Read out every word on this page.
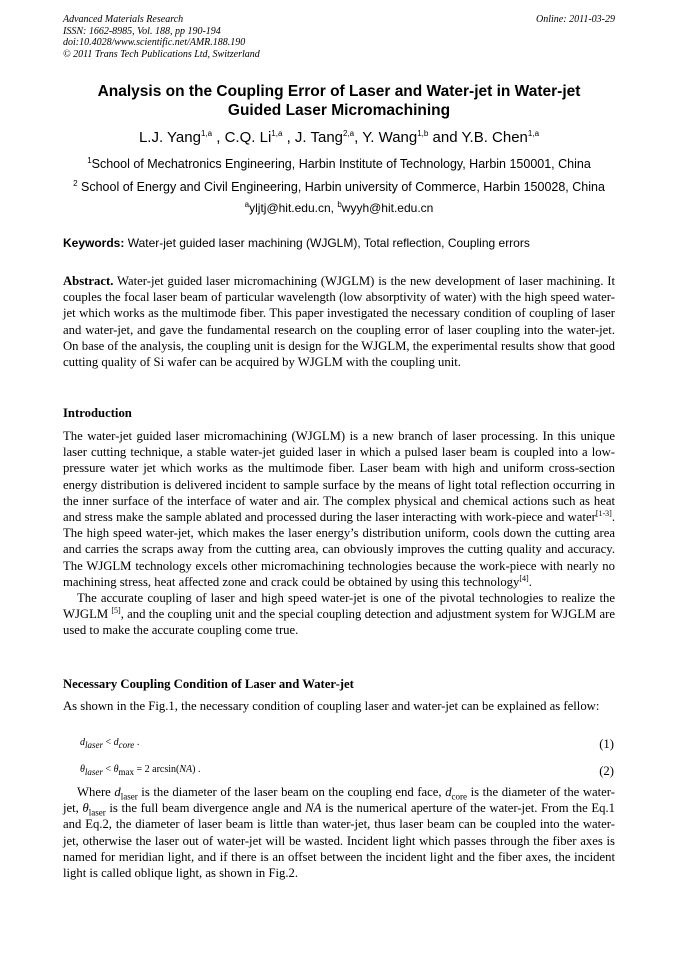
Advanced Materials Research
ISSN: 1662-8985, Vol. 188, pp 190-194
doi:10.4028/www.scientific.net/AMR.188.190
© 2011 Trans Tech Publications Ltd, Switzerland
Online: 2011-03-29
Analysis on the Coupling Error of Laser and Water-jet in Water-jet
Guided Laser Micromachining
L.J. Yang$^{1,a}$ , C.Q. Li$^{1,a}$ , J. Tang$^{2,a}$, Y. Wang$^{1,b}$ and Y.B. Chen$^{1,a}$
$^1$School of Mechatronics Engineering, Harbin Institute of Technology, Harbin 150001, China
$^2$ School of Energy and Civil Engineering, Harbin university of Commerce, Harbin 150028, China
$^a$yljtj@hit.edu.cn, $^b$wyyh@hit.edu.cn
Keywords: Water-jet guided laser machining (WJGLM), Total reflection, Coupling errors
Abstract. Water-jet guided laser micromachining (WJGLM) is the new development of laser machining. It couples the focal laser beam of particular wavelength (low absorptivity of water) with the high speed water-jet which works as the multimode fiber. This paper investigated the necessary condition of coupling of laser and water-jet, and gave the fundamental research on the coupling error of laser coupling into the water-jet. On base of the analysis, the coupling unit is design for the WJGLM, the experimental results show that good cutting quality of Si wafer can be acquired by WJGLM with the coupling unit.
Introduction

The water-jet guided laser micromachining (WJGLM) is a new branch of laser processing. In this unique laser cutting technique, a stable water-jet guided laser in which a pulsed laser beam is coupled into a low-pressure water jet which works as the multimode fiber. Laser beam with high and uniform cross-section energy distribution is delivered incident to sample surface by the means of light total reflection occurring in the inner surface of the interface of water and air. The complex physical and chemical actions such as heat and stress make the sample ablated and processed during the laser interacting with work-piece and water[1-3]. The high speed water-jet, which makes the laser energy’s distribution uniform, cools down the cutting area and carries the scraps away from the cutting area, can obviously improves the cutting quality and accuracy. The WJGLM technology excels other micromachining technologies because the work-piece with nearly no machining stress, heat affected zone and crack could be obtained by using this technology[4].

The accurate coupling of laser and high speed water-jet is one of the pivotal technologies to realize the WJGLM [5], and the coupling unit and the special coupling detection and adjustment system for WJGLM are used to make the accurate coupling come true.

Necessary Coupling Condition of Laser and Water-jet
As shown in the Fig.1, the necessary condition of coupling laser and water-jet can be explained as fellow:
$d_{laser} < d_{core}$ .	(1)
$\theta_{laser} < \theta_{max} = 2$ arcsin(NA) .	(2)
Where $d_{laser}$ is the diameter of the laser beam on the coupling end face, $d_{core}$ is the diameter of the water-jet, $\theta_{laser}$ is the full beam divergence angle and NA is the numerical aperture of the water-jet. From the Eq.1 and Eq.2, the diameter of laser beam is little than water-jet, thus laser beam can be coupled into the water-jet, otherwise the laser out of water-jet will be wasted. Incident light which passes through the fiber axes is named for meridian light, and if there is an offset between the incident light and the fiber axes, the incident light is called oblique light, as shown in Fig.2.
